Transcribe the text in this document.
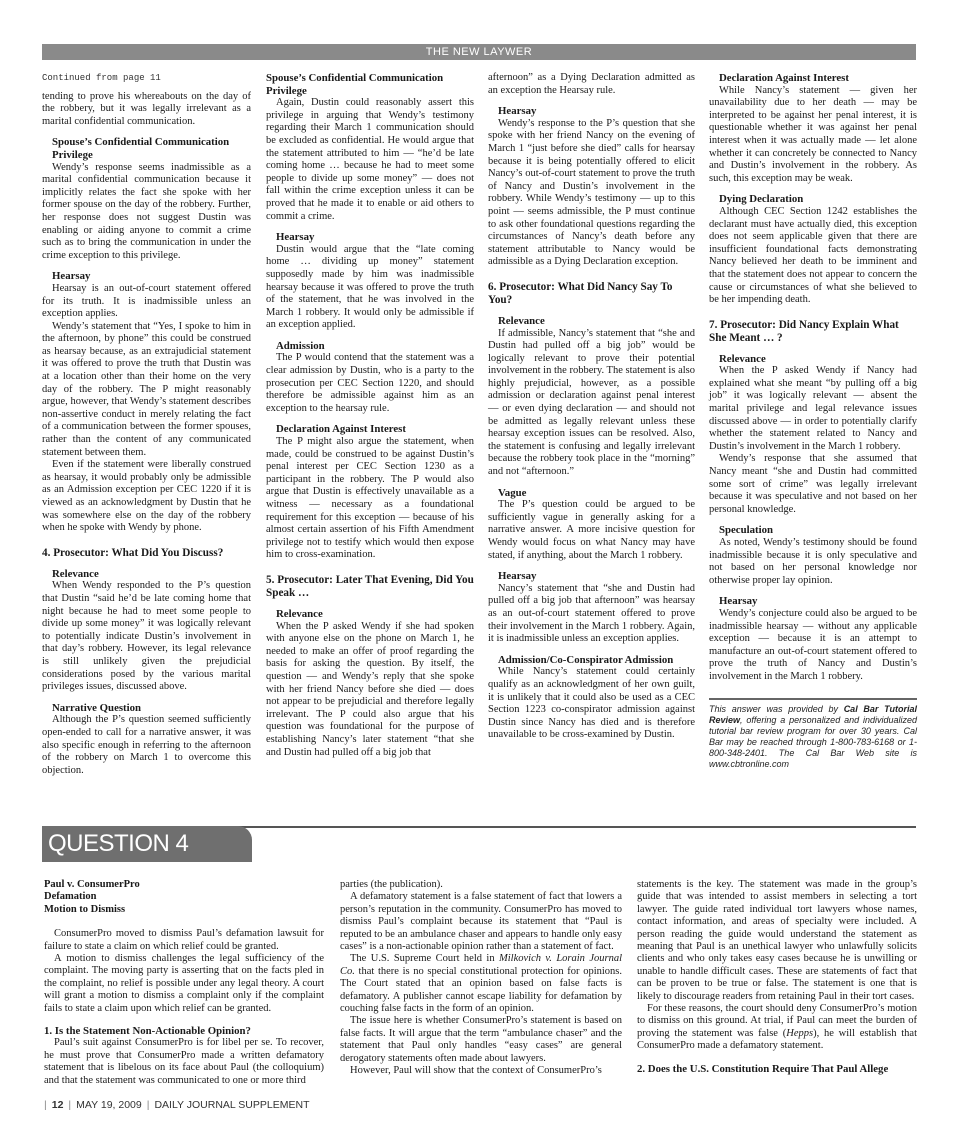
THE NEW LAYWER
Continued from page 11

tending to prove his whereabouts on the day of the robbery, but it was legally irrelevant as a marital confidential communication.

Spouse’s Confidential Communication Privilege

Wendy’s response seems inadmissible as a marital confidential communication because it implicitly relates the fact she spoke with her former spouse on the day of the robbery. Further, her response does not suggest Dustin was enabling or aiding anyone to commit a crime such as to bring the communication in under the crime exception to this privilege.

Hearsay

Hearsay is an out-of-court statement offered for its truth. It is inadmissible unless an exception applies.

Wendy’s statement that “Yes, I spoke to him in the afternoon, by phone” this could be construed as hearsay because, as an extrajudicial statement it was offered to prove the truth that Dustin was at a location other than their home on the very day of the robbery. The P might reasonably argue, however, that Wendy’s statement describes non-assertive conduct in merely relating the fact of a communication between the former spouses, rather than the content of any communicated statement between them.

Even if the statement were liberally construed as hearsay, it would probably only be admissible as an Admission exception per CEC 1220 if it is viewed as an acknowledgment by Dustin that he was somewhere else on the day of the robbery when he spoke with Wendy by phone.

4. Prosecutor: What Did You Discuss?
Relevance

When Wendy responded to the P’s question that Dustin “said he’d be late coming home that night because he had to meet some people to divide up some money” it was logically relevant to potentially indicate Dustin’s involvement in that day’s robbery. However, its legal relevance is still unlikely given the prejudicial considerations posed by the various marital privileges issues, discussed above.

Narrative Question

Although the P’s question seemed sufficiently open-ended to call for a narrative answer, it was also specific enough in referring to the afternoon of the robbery on March 1 to overcome this objection.

Spouse’s Confidential Communication Privilege

Again, Dustin could reasonably assert this privilege in arguing that Wendy’s testimony regarding their March 1 communication should be excluded as confidential. He would argue that the statement attributed to him — “he’d be late coming home … because he had to meet some people to divide up some money” — does not fall within the crime exception unless it can be proved that he made it to enable or aid others to commit a crime.

Hearsay

Dustin would argue that the “late coming home … dividing up money” statement supposedly made by him was inadmissible hearsay because it was offered to prove the truth of the statement, that he was involved in the March 1 robbery. It would only be admissible if an exception applied.

Admission

The P would contend that the statement was a clear admission by Dustin, who is a party to the prosecution per CEC Section 1220, and should therefore be admissible against him as an exception to the hearsay rule.

Declaration Against Interest

The P might also argue the statement, when made, could be construed to be against Dustin’s penal interest per CEC Section 1230 as a participant in the robbery. The P would also argue that Dustin is effectively unavailable as a witness — necessary as a foundational requirement for this exception — because of his almost certain assertion of his Fifth Amendment privilege not to testify which would then expose him to cross-examination.

5. Prosecutor: Later That Evening, Did You Speak …
Relevance

When the P asked Wendy if she had spoken with anyone else on the phone on March 1, he needed to make an offer of proof regarding the basis for asking the question. By itself, the question — and Wendy’s reply that she spoke with her friend Nancy before she died — does not appear to be prejudicial and therefore legally irrelevant. The P could also argue that his question was foundational for the purpose of establishing Nancy’s later statement “that she and Dustin had pulled off a big job that

afternoon” as a Dying Declaration admitted as an exception the Hearsay rule.

Hearsay

Wendy’s response to the P’s question that she spoke with her friend Nancy on the evening of March 1 “just before she died” calls for hearsay because it is being potentially offered to elicit Nancy’s out-of-court statement to prove the truth of Nancy and Dustin’s involvement in the robbery. While Wendy’s testimony — up to this point — seems admissible, the P must continue to ask other foundational questions regarding the circumstances of Nancy’s death before any statement attributable to Nancy would be admissible as a Dying Declaration exception.

6. Prosecutor: What Did Nancy Say To You?
Relevance

If admissible, Nancy’s statement that “she and Dustin had pulled off a big job” would be logically relevant to prove their potential involvement in the robbery. The statement is also highly prejudicial, however, as a possible admission or declaration against penal interest — or even dying declaration — and should not be admitted as legally relevant unless these hearsay exception issues can be resolved. Also, the statement is confusing and legally irrelevant because the robbery took place in the “morning” and not “afternoon.”

Vague

The P’s question could be argued to be sufficiently vague in generally asking for a narrative answer. A more incisive question for Wendy would focus on what Nancy may have stated, if anything, about the March 1 robbery.

Hearsay

Nancy’s statement that “she and Dustin had pulled off a big job that afternoon” was hearsay as an out-of-court statement offered to prove their involvement in the March 1 robbery. Again, it is inadmissible unless an exception applies.

Admission/Co-Conspirator Admission

While Nancy’s statement could certainly qualify as an acknowledgment of her own guilt, it is unlikely that it could also be used as a CEC Section 1223 co-conspirator admission against Dustin since Nancy has died and is therefore unavailable to be cross-examined by Dustin.

Declaration Against Interest

While Nancy’s statement — given her unavailability due to her death — may be interpreted to be against her penal interest, it is questionable whether it was against her penal interest when it was actually made — let alone whether it can concretely be connected to Nancy and Dustin’s involvement in the robbery. As such, this exception may be weak.

Dying Declaration

Although CEC Section 1242 establishes the declarant must have actually died, this exception does not seem applicable given that there are insufficient foundational facts demonstrating Nancy believed her death to be imminent and that the statement does not appear to concern the cause or circumstances of what she believed to be her impending death.

7. Prosecutor: Did Nancy Explain What She Meant … ?
Relevance

When the P asked Wendy if Nancy had explained what she meant “by pulling off a big job” it was logically relevant — absent the marital privilege and legal relevance issues discussed above — in order to potentially clarify whether the statement related to Nancy and Dustin’s involvement in the March 1 robbery.

Wendy’s response that she assumed that Nancy meant “she and Dustin had committed some sort of crime” was legally irrelevant because it was speculative and not based on her personal knowledge.

Speculation

As noted, Wendy’s testimony should be found inadmissible because it is only speculative and not based on her personal knowledge nor otherwise proper lay opinion.

Hearsay

Wendy’s conjecture could also be argued to be inadmissible hearsay — without any applicable exception — because it is an attempt to manufacture an out-of-court statement offered to prove the truth of Nancy and Dustin’s involvement in the March 1 robbery.

This answer was provided by Cal Bar Tutorial Review, offering a personalized and individualized tutorial bar review program for over 30 years. Cal Bar may be reached through 1-800-783-6168 or 1-800-348-2401. The Cal Bar Web site is www.cbtronline.com
QUESTION 4
Paul v. ConsumerPro
Defamation
Motion to Dismiss

ConsumerPro moved to dismiss Paul’s defamation lawsuit for failure to state a claim on which relief could be granted.

A motion to dismiss challenges the legal sufficiency of the complaint. The moving party is asserting that on the facts pled in the complaint, no relief is possible under any legal theory. A court will grant a motion to dismiss a complaint only if the complaint fails to state a claim upon which relief can be granted.

1. Is the Statement Non-Actionable Opinion?

Paul’s suit against ConsumerPro is for libel per se. To recover, he must prove that ConsumerPro made a written defamatory statement that is libelous on its face about Paul (the colloquium) and that the statement was communicated to one or more third

parties (the publication).

A defamatory statement is a false statement of fact that lowers a person’s reputation in the community. ConsumerPro has moved to dismiss Paul’s complaint because its statement that “Paul is reputed to be an ambulance chaser and appears to handle only easy cases” is a non-actionable opinion rather than a statement of fact.

The U.S. Supreme Court held in Milkovich v. Lorain Journal Co. that there is no special constitutional protection for opinions. The Court stated that an opinion based on false facts is defamatory. A publisher cannot escape liability for defamation by couching false facts in the form of an opinion.

The issue here is whether ConsumerPro’s statement is based on false facts. It will argue that the term “ambulance chaser” and the statement that Paul only handles “easy cases” are general derogatory statements often made about lawyers.

However, Paul will show that the context of ConsumerPro’s

statements is the key. The statement was made in the group’s guide that was intended to assist members in selecting a tort lawyer. The guide rated individual tort lawyers whose names, contact information, and areas of specialty were included. A person reading the guide would understand the statement as meaning that Paul is an unethical lawyer who unlawfully solicits clients and who only takes easy cases because he is unwilling or unable to handle difficult cases. These are statements of fact that can be proven to be true or false. The statement is one that is likely to discourage readers from retaining Paul in their tort cases.

For these reasons, the court should deny ConsumerPro’s motion to dismiss on this ground. At trial, if Paul can meet the burden of proving the statement was false (Hepps), he will establish that ConsumerPro made a defamatory statement.

2. Does the U.S. Constitution Require That Paul Allege
| 12 | MAY 19, 2009 | DAILY JOURNAL SUPPLEMENT
